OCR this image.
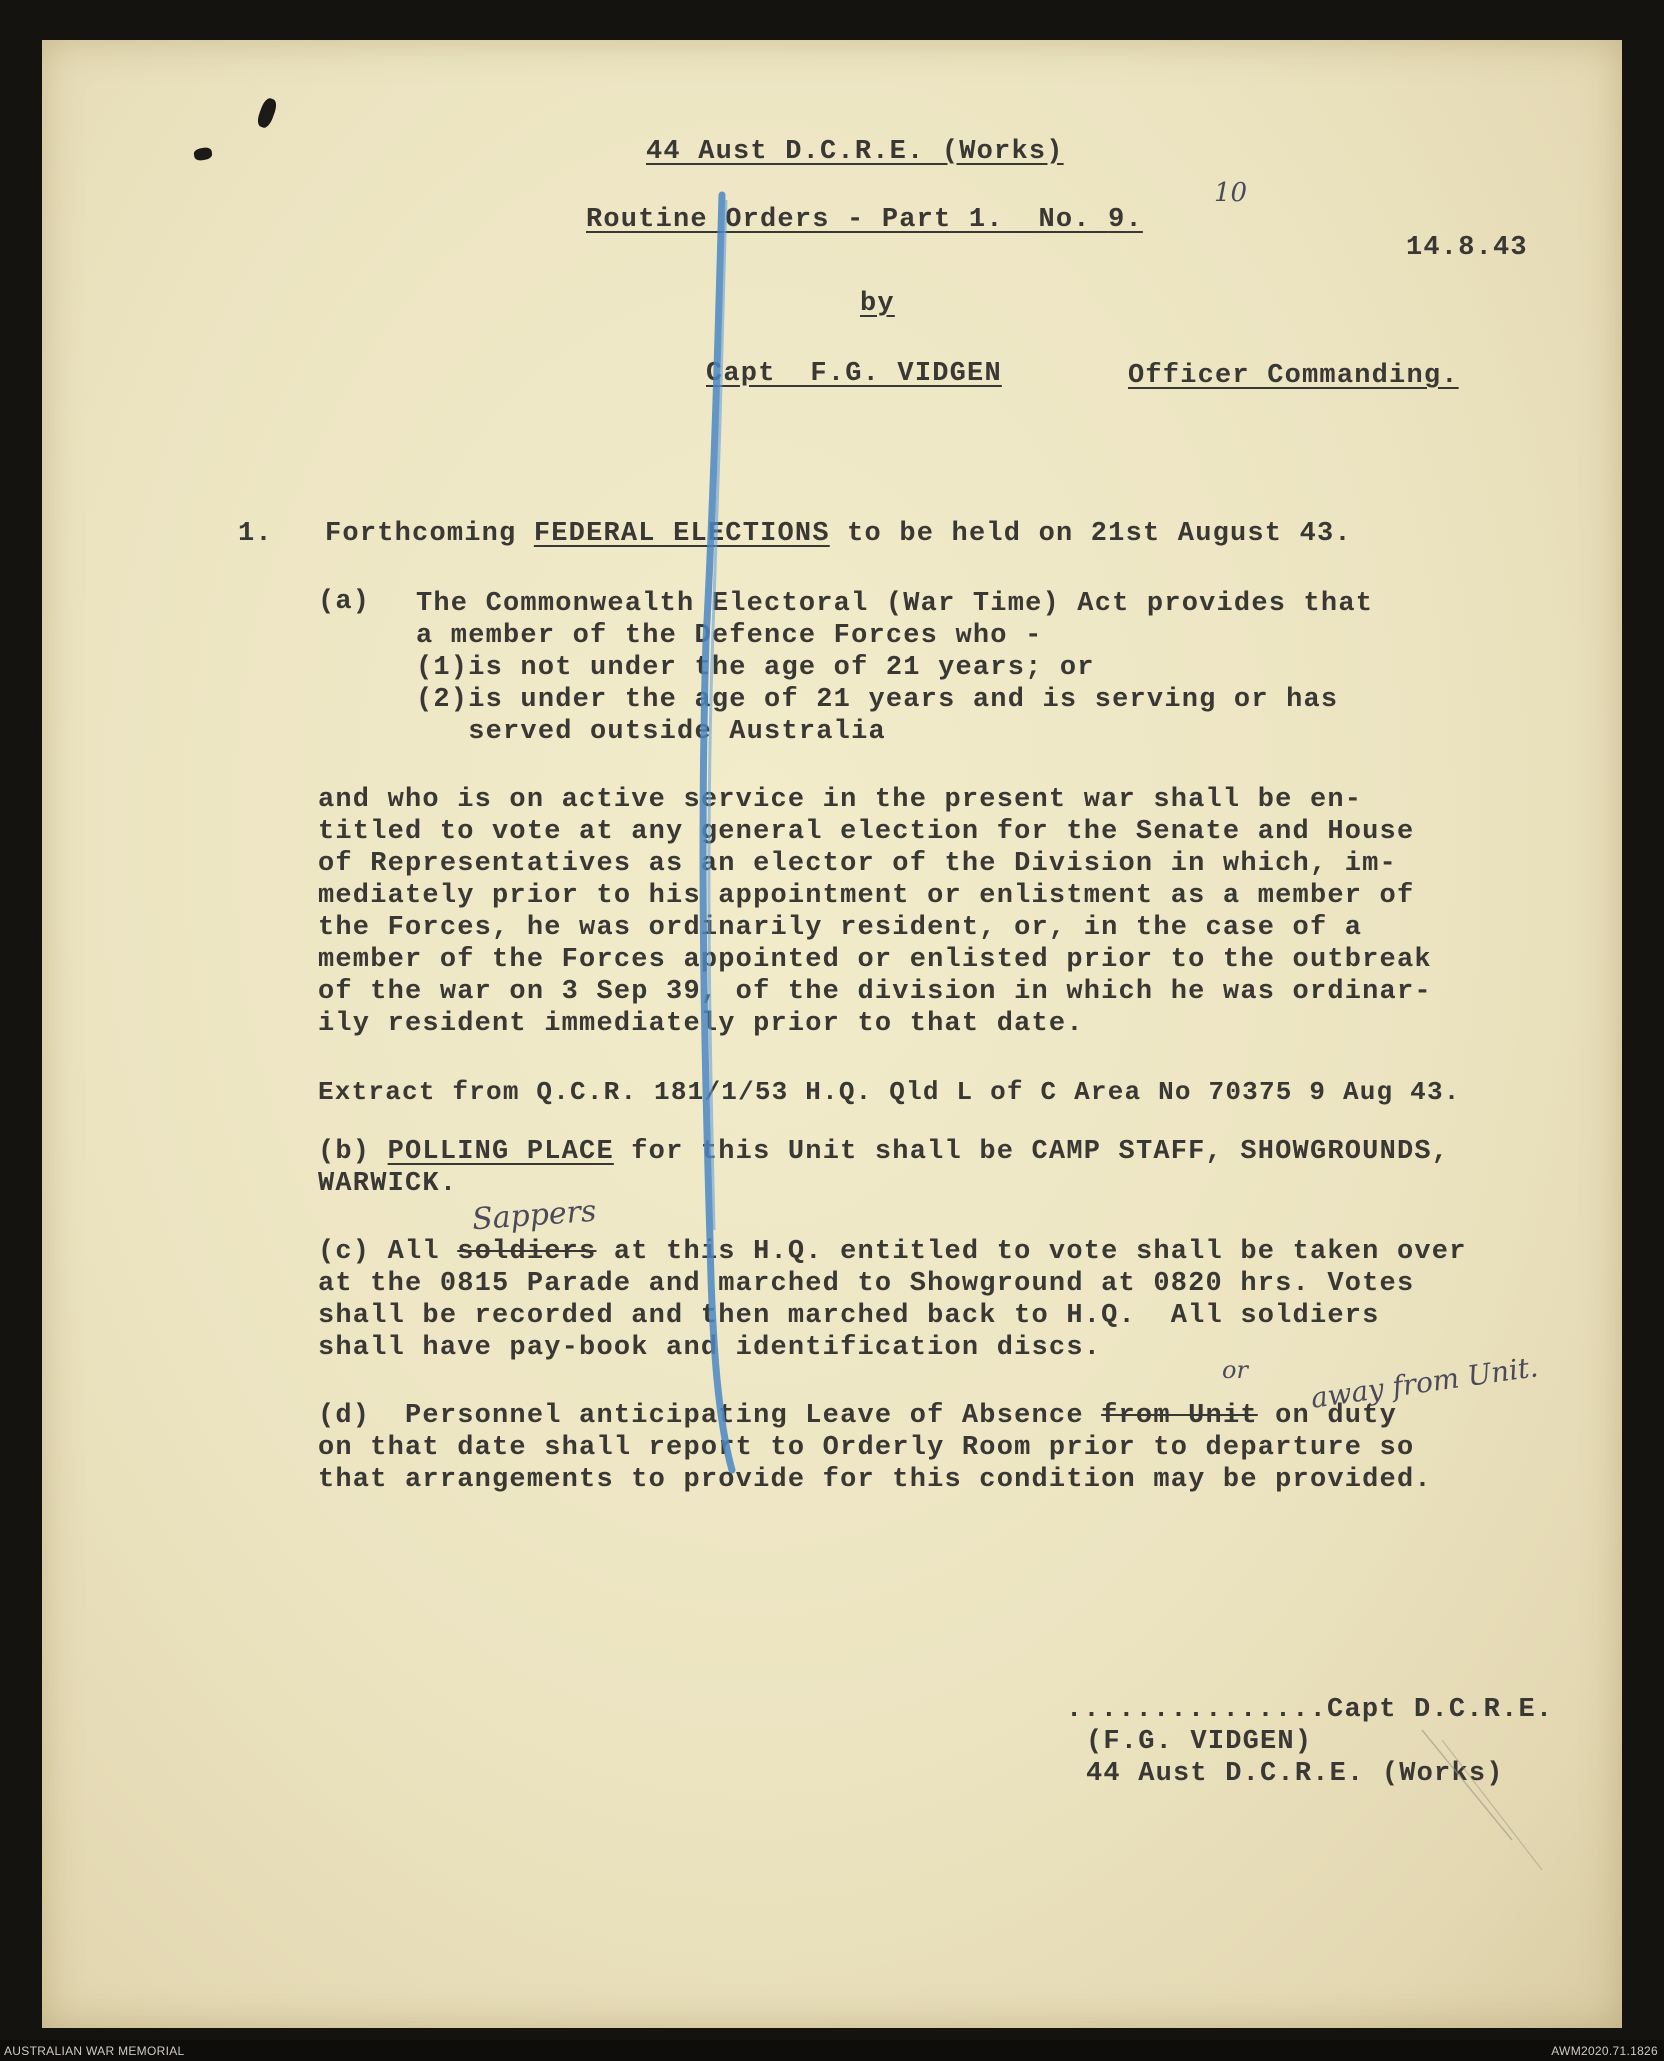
44 Aust D.C.R.E. (Works)
Routine Orders - Part 1.  No. 9.
10
14.8.43
by
Capt  F.G. VIDGEN	Officer Commanding.
1. Forthcoming FEDERAL ELECTIONS to be held on 21st August 43.
(a) The Commonwealth Electoral (War Time) Act provides that
a member of the Defence Forces who -
(1)is not under the age of 21 years; or
(2)is under the age of 21 years and is serving or has
served outside Australia
and who is on active service in the present war shall be en-
titled to vote at any general election for the Senate and House
of Representatives as an elector of the Division in which, im-
mediately prior to his appointment or enlistment as a member of
the Forces, he was ordinarily resident, or, in the case of a
member of the Forces appointed or enlisted prior to the outbreak
of the war on 3 Sep 39, of the division in which he was ordinar-
ily resident immediately prior to that date.
Extract from Q.C.R. 181/1/53 H.Q. Qld L of C Area No 70375 9 Aug 43.
(b) POLLING PLACE for this Unit shall be CAMP STAFF, SHOWGROUNDS,
WARWICK.
Sappers
(c) All soldiers at this H.Q. entitled to vote shall be taken over
at the 0815 Parade and marched to Showground at 0820 hrs. Votes
shall be recorded and then marched back to H.Q.  All soldiers
shall have pay-book and identification discs.
or away from Unit.
(d)  Personnel anticipating Leave of Absence from Unit on duty
on that date shall report to Orderly Room prior to departure so
that arrangements to provide for this condition may be provided.
...............Capt D.C.R.E.
(F.G. VIDGEN)
44 Aust D.C.R.E. (Works)
AUSTRALIAN WAR MEMORIAL	AWM2020.71.1826
